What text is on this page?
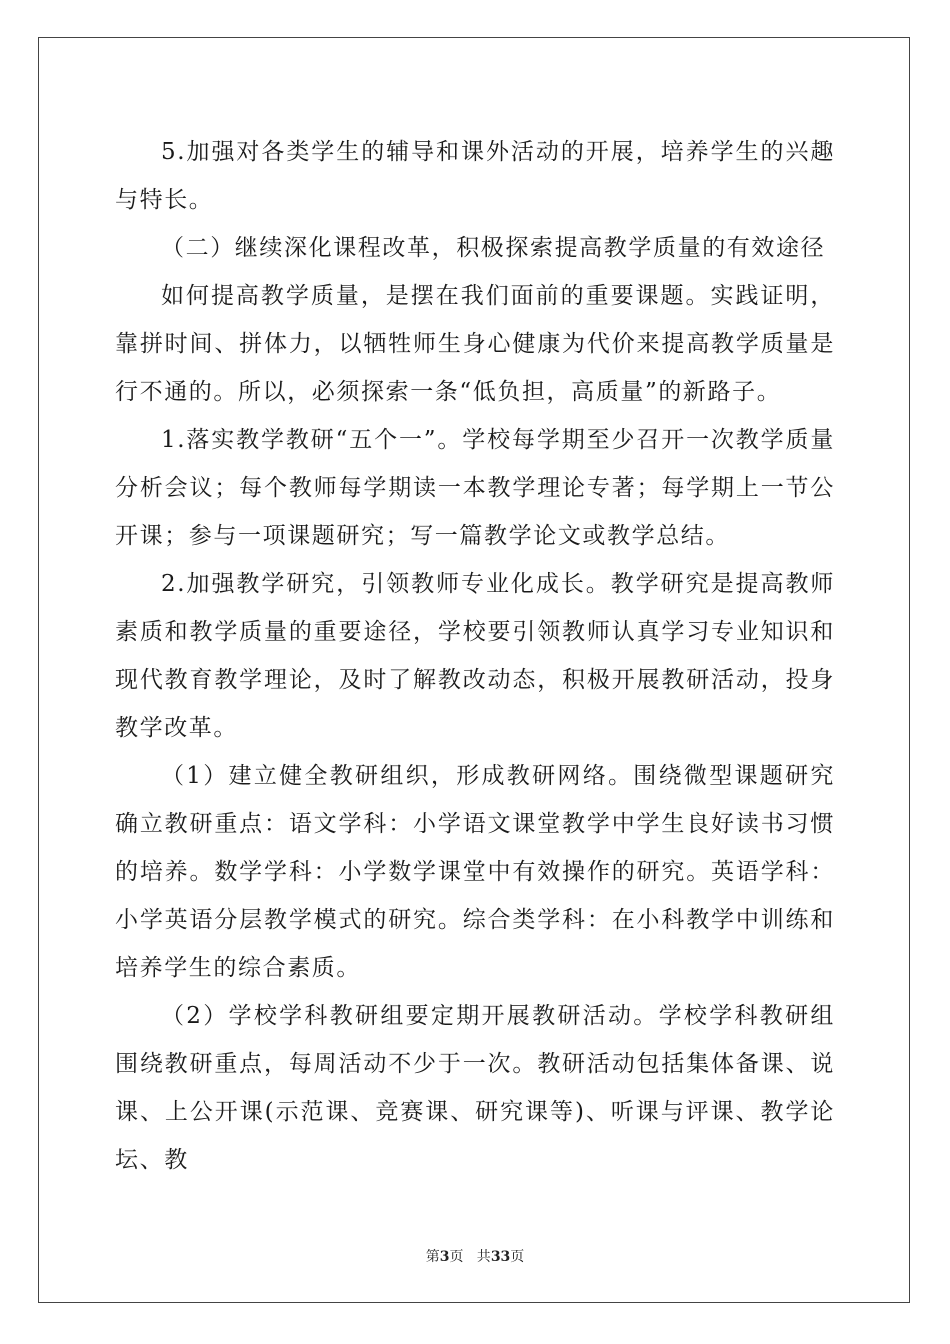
5.加强对各类学生的辅导和课外活动的开展，培养学生的兴趣与特长。

（二）继续深化课程改革，积极探索提高教学质量的有效途径

如何提高教学质量，是摆在我们面前的重要课题。实践证明，靠拼时间、拼体力，以牺牲师生身心健康为代价来提高教学质量是行不通的。所以，必须探索一条“低负担，高质量”的新路子。

1.落实教学教研“五个一”。学校每学期至少召开一次教学质量分析会议；每个教师每学期读一本教学理论专著；每学期上一节公开课；参与一项课题研究；写一篇教学论文或教学总结。

2.加强教学研究，引领教师专业化成长。教学研究是提高教师素质和教学质量的重要途径，学校要引领教师认真学习专业知识和现代教育教学理论，及时了解教改动态，积极开展教研活动，投身教学改革。

（1）建立健全教研组织，形成教研网络。围绕微型课题研究确立教研重点：语文学科：小学语文课堂教学中学生良好读书习惯的培养。数学学科：小学数学课堂中有效操作的研究。英语学科：小学英语分层教学模式的研究。综合类学科：在小科教学中训练和培养学生的综合素质。

（2）学校学科教研组要定期开展教研活动。学校学科教研组围绕教研重点，每周活动不少于一次。教研活动包括集体备课、说课、上公开课(示范课、竞赛课、研究课等)、听课与评课、教学论坛、教

第3页   共33页
